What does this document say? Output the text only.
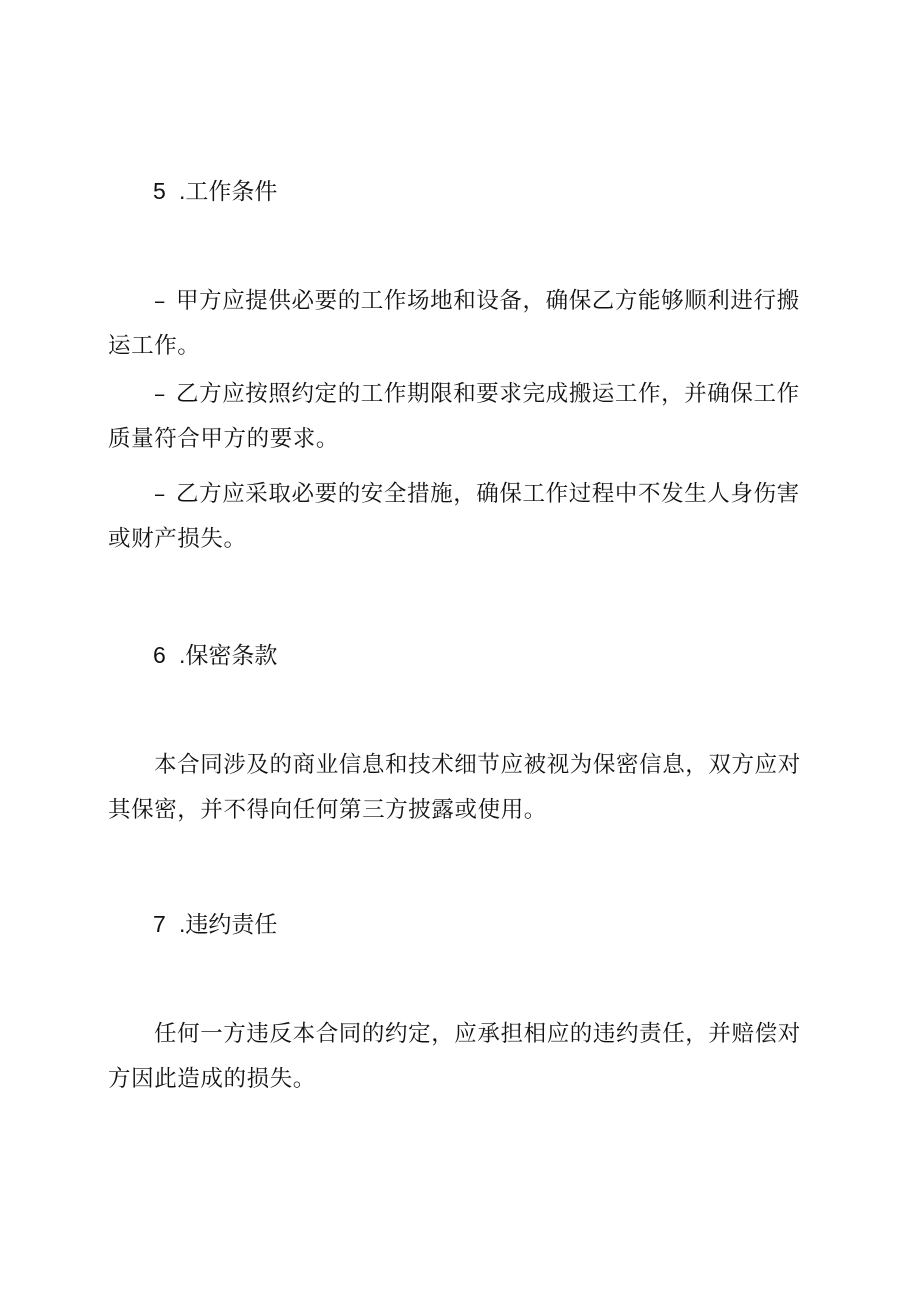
5 .工作条件

– 甲方应提供必要的工作场地和设备，确保乙方能够顺利进行搬运工作。

– 乙方应按照约定的工作期限和要求完成搬运工作，并确保工作质量符合甲方的要求。

– 乙方应采取必要的安全措施，确保工作过程中不发生人身伤害或财产损失。

6 .保密条款

本合同涉及的商业信息和技术细节应被视为保密信息，双方应对其保密，并不得向任何第三方披露或使用。

7 .违约责任

任何一方违反本合同的约定，应承担相应的违约责任，并赔偿对方因此造成的损失。
